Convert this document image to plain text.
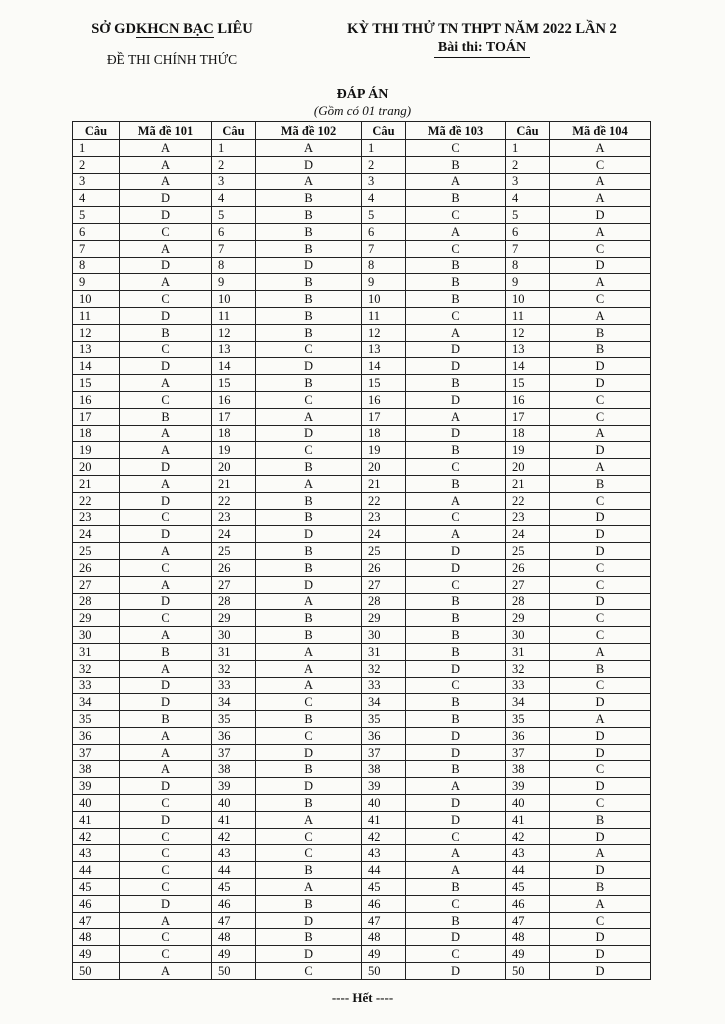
SỞ GDKHCN BẠC LIÊU
ĐỀ THI CHÍNH THỨC
KỲ THI THỬ TN THPT NĂM 2022 LẦN 2
Bài thi: TOÁN
ĐÁP ÁN
(Gồm có 01 trang)
Câu	Mã đề 101	Câu	Mã đề 102	Câu	Mã đề 103	Câu	Mã đề 104
1	A	1	A	1	C	1	A
2	A	2	D	2	B	2	C
3	A	3	A	3	A	3	A
4	D	4	B	4	B	4	A
5	D	5	B	5	C	5	D
6	C	6	B	6	A	6	A
7	A	7	B	7	C	7	C
8	D	8	D	8	B	8	D
9	A	9	B	9	B	9	A
10	C	10	B	10	B	10	C
11	D	11	B	11	C	11	A
12	B	12	B	12	A	12	B
13	C	13	C	13	D	13	B
14	D	14	D	14	D	14	D
15	A	15	B	15	B	15	D
16	C	16	C	16	D	16	C
17	B	17	A	17	A	17	C
18	A	18	D	18	D	18	A
19	A	19	C	19	B	19	D
20	D	20	B	20	C	20	A
21	A	21	A	21	B	21	B
22	D	22	B	22	A	22	C
23	C	23	B	23	C	23	D
24	D	24	D	24	A	24	D
25	A	25	B	25	D	25	D
26	C	26	B	26	D	26	C
27	A	27	D	27	C	27	C
28	D	28	A	28	B	28	D
29	C	29	B	29	B	29	C
30	A	30	B	30	B	30	C
31	B	31	A	31	B	31	A
32	A	32	A	32	D	32	B
33	D	33	A	33	C	33	C
34	D	34	C	34	B	34	D
35	B	35	B	35	B	35	A
36	A	36	C	36	D	36	D
37	A	37	D	37	D	37	D
38	A	38	B	38	B	38	C
39	D	39	D	39	A	39	D
40	C	40	B	40	D	40	C
41	D	41	A	41	D	41	B
42	C	42	C	42	C	42	D
43	C	43	C	43	A	43	A
44	C	44	B	44	A	44	D
45	C	45	A	45	B	45	B
46	D	46	B	46	C	46	A
47	A	47	D	47	B	47	C
48	C	48	B	48	D	48	D
49	C	49	D	49	C	49	D
50	A	50	C	50	D	50	D
---- Hết ----
